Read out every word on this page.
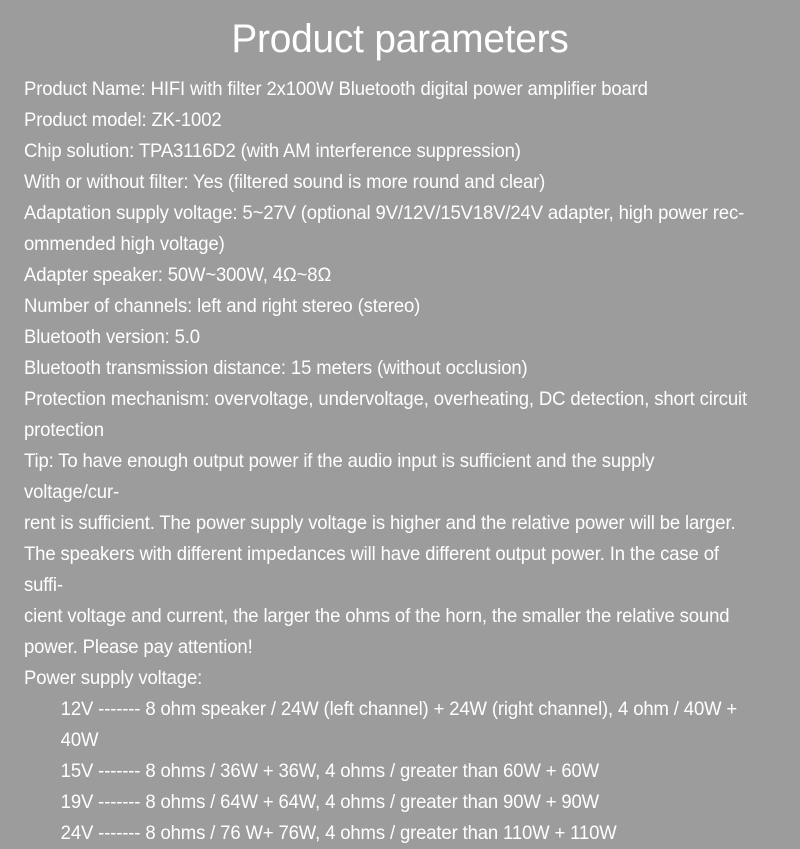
Product parameters
Product Name: HIFI with filter 2x100W Bluetooth digital power amplifier board
Product model: ZK-1002
Chip solution: TPA3116D2 (with AM interference suppression)
With or without filter: Yes (filtered sound is more round and clear)
Adaptation supply voltage: 5~27V (optional 9V/12V/15V18V/24V adapter, high power rec-
ommended high voltage)
Adapter speaker: 50W~300W, 4Ω~8Ω
Number of channels: left and right stereo (stereo)
Bluetooth version: 5.0
Bluetooth transmission distance: 15 meters (without occlusion)
Protection mechanism: overvoltage, undervoltage, overheating, DC detection, short circuit
protection
Tip: To have enough output power if the audio input is sufficient and the supply voltage/cur-
rent is sufficient. The power supply voltage is higher and the relative power will be larger.
The speakers with different impedances will have different output power. In the case of suffi-
cient voltage and current, the larger the ohms of the horn, the smaller the relative sound
power. Please pay attention!
Power supply voltage:
12V ------- 8 ohm speaker / 24W (left channel) + 24W (right channel), 4 ohm / 40W + 40W
15V ------- 8 ohms / 36W + 36W, 4 ohms / greater than 60W + 60W
19V ------- 8 ohms / 64W + 64W, 4 ohms / greater than 90W + 90W
24V ------- 8 ohms / 76 W+ 76W, 4 ohms / greater than 110W + 110W
